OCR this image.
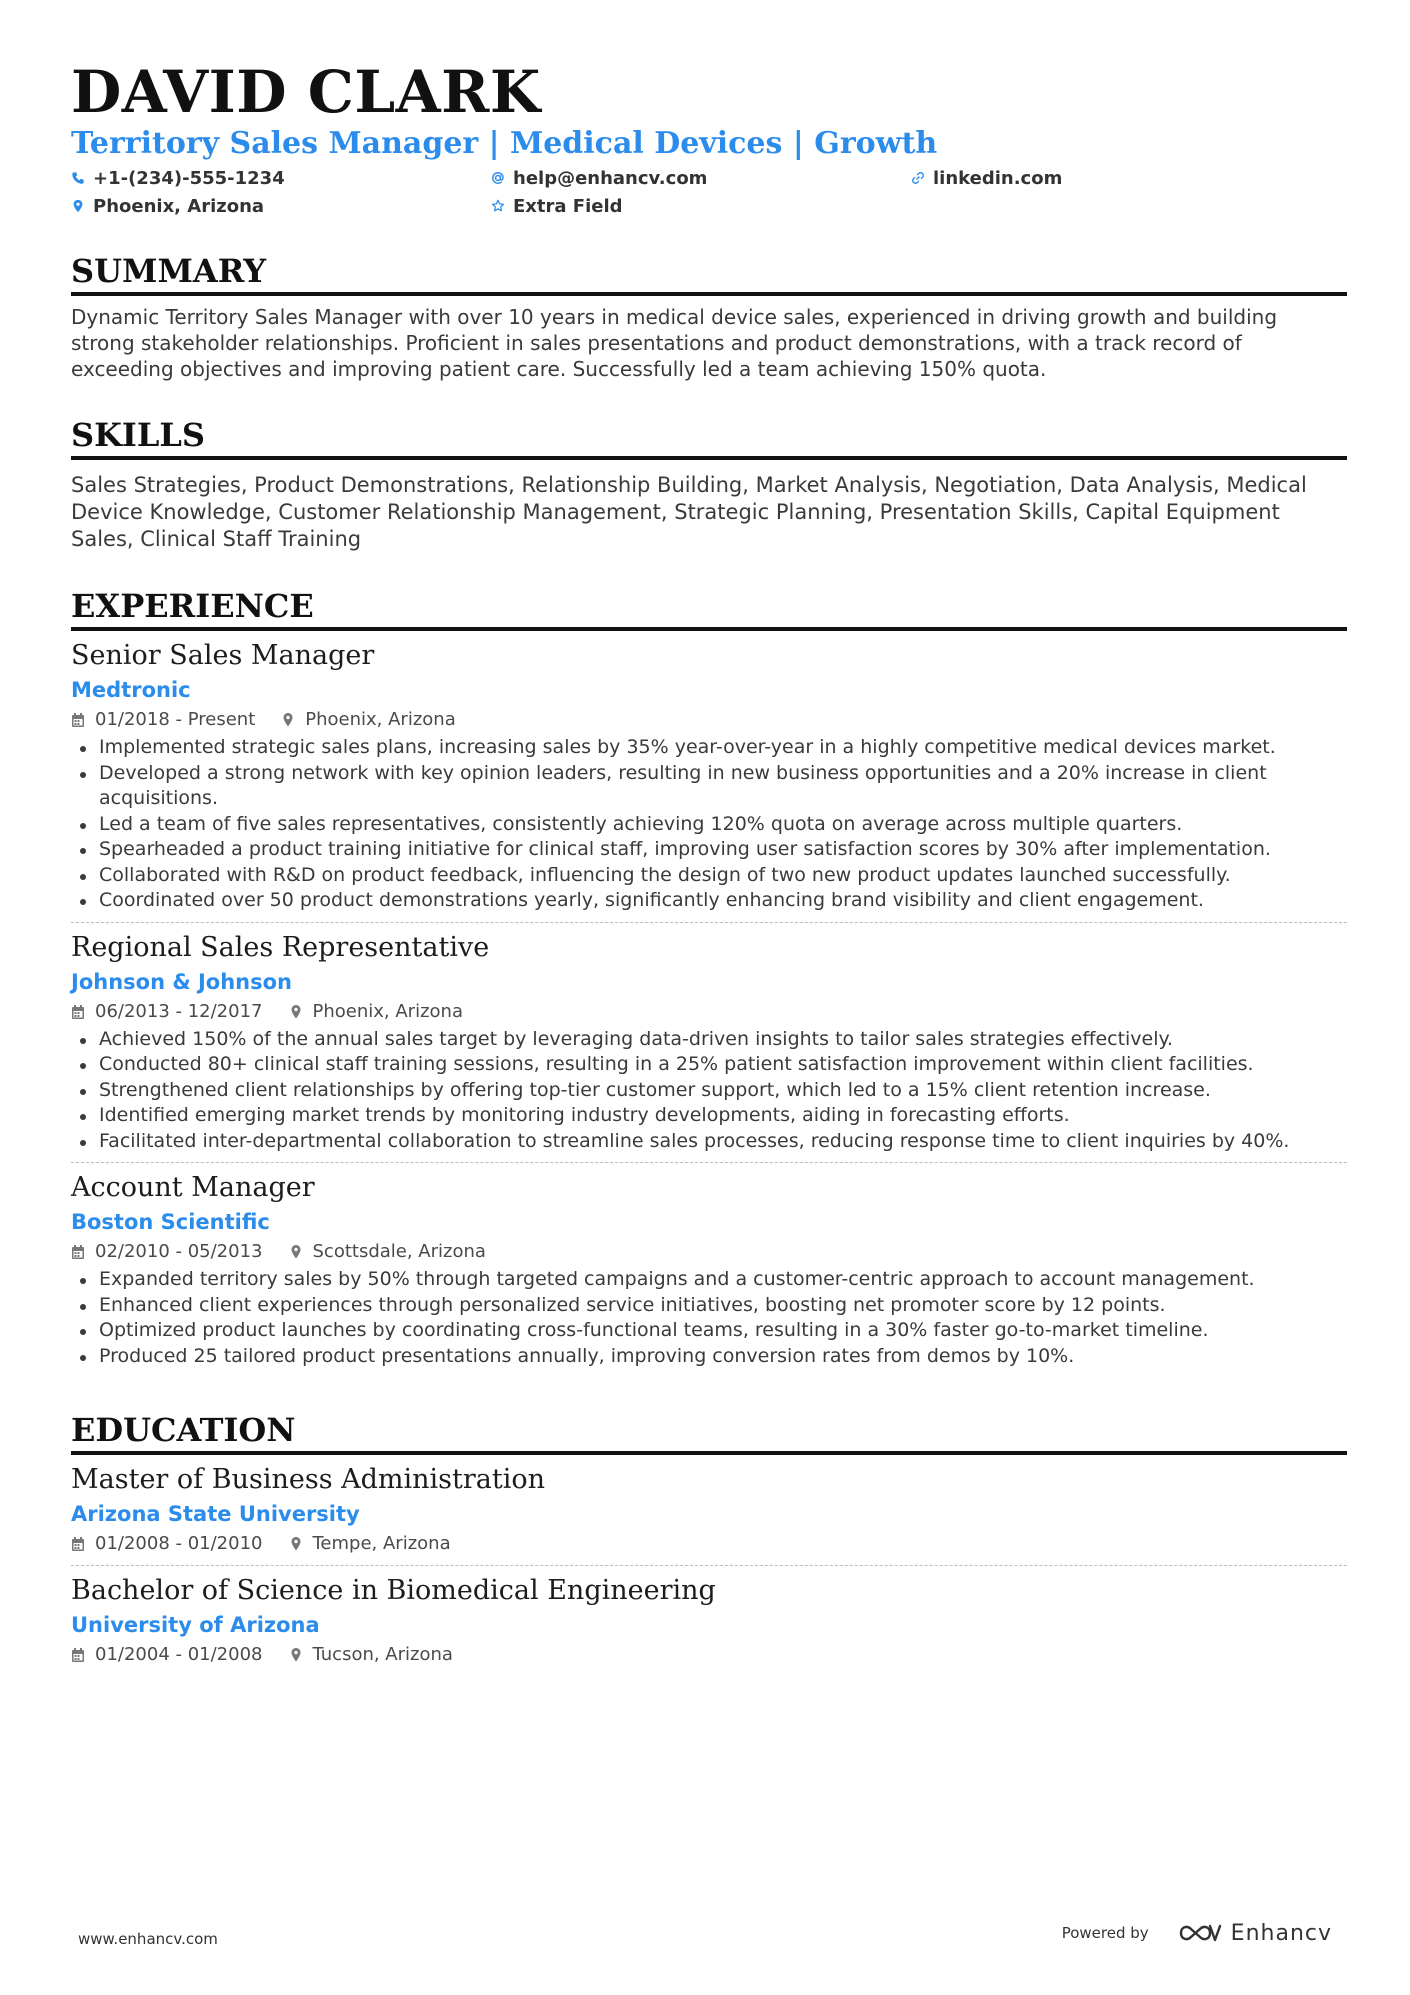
DAVID CLARK
Territory Sales Manager | Medical Devices | Growth
+1-(234)-555-1234	help@enhancv.com	linkedin.com
Phoenix, Arizona	Extra Field
SUMMARY

Dynamic Territory Sales Manager with over 10 years in medical device sales, experienced in driving growth and building strong stakeholder relationships. Proficient in sales presentations and product demonstrations, with a track record of exceeding objectives and improving patient care. Successfully led a team achieving 150% quota.

SKILLS

Sales Strategies, Product Demonstrations, Relationship Building, Market Analysis, Negotiation, Data Analysis, Medical Device Knowledge, Customer Relationship Management, Strategic Planning, Presentation Skills, Capital Equipment Sales, Clinical Staff Training

EXPERIENCE
Senior Sales Manager
Medtronic
01/2018 - Present	Phoenix, Arizona
Implemented strategic sales plans, increasing sales by 35% year-over-year in a highly competitive medical devices market.
Developed a strong network with key opinion leaders, resulting in new business opportunities and a 20% increase in client acquisitions.
Led a team of five sales representatives, consistently achieving 120% quota on average across multiple quarters.
Spearheaded a product training initiative for clinical staff, improving user satisfaction scores by 30% after implementation.
Collaborated with R&D on product feedback, influencing the design of two new product updates launched successfully.
Coordinated over 50 product demonstrations yearly, significantly enhancing brand visibility and client engagement.
Regional Sales Representative
Johnson & Johnson
06/2013 - 12/2017	Phoenix, Arizona
Achieved 150% of the annual sales target by leveraging data-driven insights to tailor sales strategies effectively.
Conducted 80+ clinical staff training sessions, resulting in a 25% patient satisfaction improvement within client facilities.
Strengthened client relationships by offering top-tier customer support, which led to a 15% client retention increase.
Identified emerging market trends by monitoring industry developments, aiding in forecasting efforts.
Facilitated inter-departmental collaboration to streamline sales processes, reducing response time to client inquiries by 40%.
Account Manager
Boston Scientific
02/2010 - 05/2013	Scottsdale, Arizona
Expanded territory sales by 50% through targeted campaigns and a customer-centric approach to account management.
Enhanced client experiences through personalized service initiatives, boosting net promoter score by 12 points.
Optimized product launches by coordinating cross-functional teams, resulting in a 30% faster go-to-market timeline.
Produced 25 tailored product presentations annually, improving conversion rates from demos by 10%.
EDUCATION
Master of Business Administration
Arizona State University
01/2008 - 01/2010	Tempe, Arizona
Bachelor of Science in Biomedical Engineering
University of Arizona
01/2004 - 01/2008	Tucson, Arizona
www.enhancv.com	Powered by	Enhancv
